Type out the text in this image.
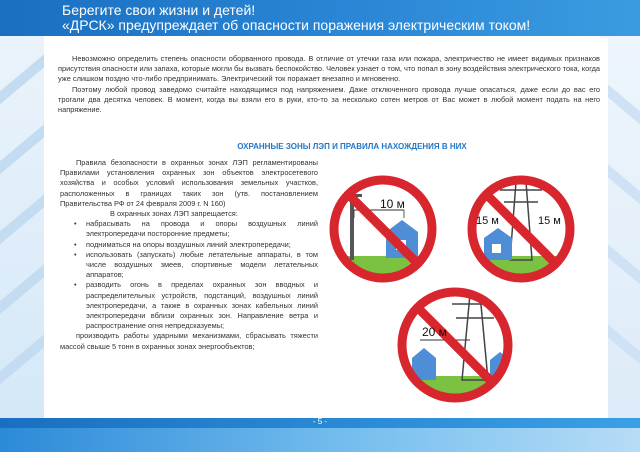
Берегите свои жизни и детей!
«ДРСК» предупреждает об опасности поражения электрическим током!

Невозможно определить степень опасности оборванного провода. В отличие от утечки газа или пожара, электричество не имеет видимых признаков присутствия опасности или запаха, которые могли бы вызвать беспокойство. Человек узнает о том, что попал в зону воздействия электрического тока, когда уже слишком поздно что-либо предпринимать. Электрический ток поражает внезапно и мгновенно.

Поэтому любой провод заведомо считайте находящимся под напряжением. Даже отключенного провода лучше опасаться, даже если до вас его трогали два десятка человек. В момент, когда вы взяли его в руки, кто-то за несколько сотен метров от Вас может в любой момент подать на него напряжение.

ОХРАННЫЕ ЗОНЫ ЛЭП И ПРАВИЛА НАХОЖДЕНИЯ В НИХ
Правила безопасности в охранных зонах ЛЭП регламентированы Правилами установления охранных зон объектов электросетевого хозяйства и особых условий использования земельных участков, расположенных в границах таких зон (утв. постановлением Правительства РФ от 24 февраля 2009 г. N 160)
В охранных зонах ЛЭП запрещается:
• набрасывать на провода и опоры воздушных линий электропередачи посторонние предметы;
• подниматься на опоры воздушных линий электропередачи;
• использовать (запускать) любые летательные аппараты, в том числе воздушных змеев, спортивные модели летательных аппаратов;
• разводить огонь в пределах охранных зон вводных и распределительных устройств, подстанций, воздушных линий электропередачи, а также в охранных зонах кабельных линий электропередачи вблизи охранных зон. Направление ветра и распространение огня непредсказуемы;
производить работы ударными механизмами, сбрасывать тяжести массой свыше 5 тонн в охранных зонах энергообъектов;
10 м
15 м	15 м
20 м
- 5 -
